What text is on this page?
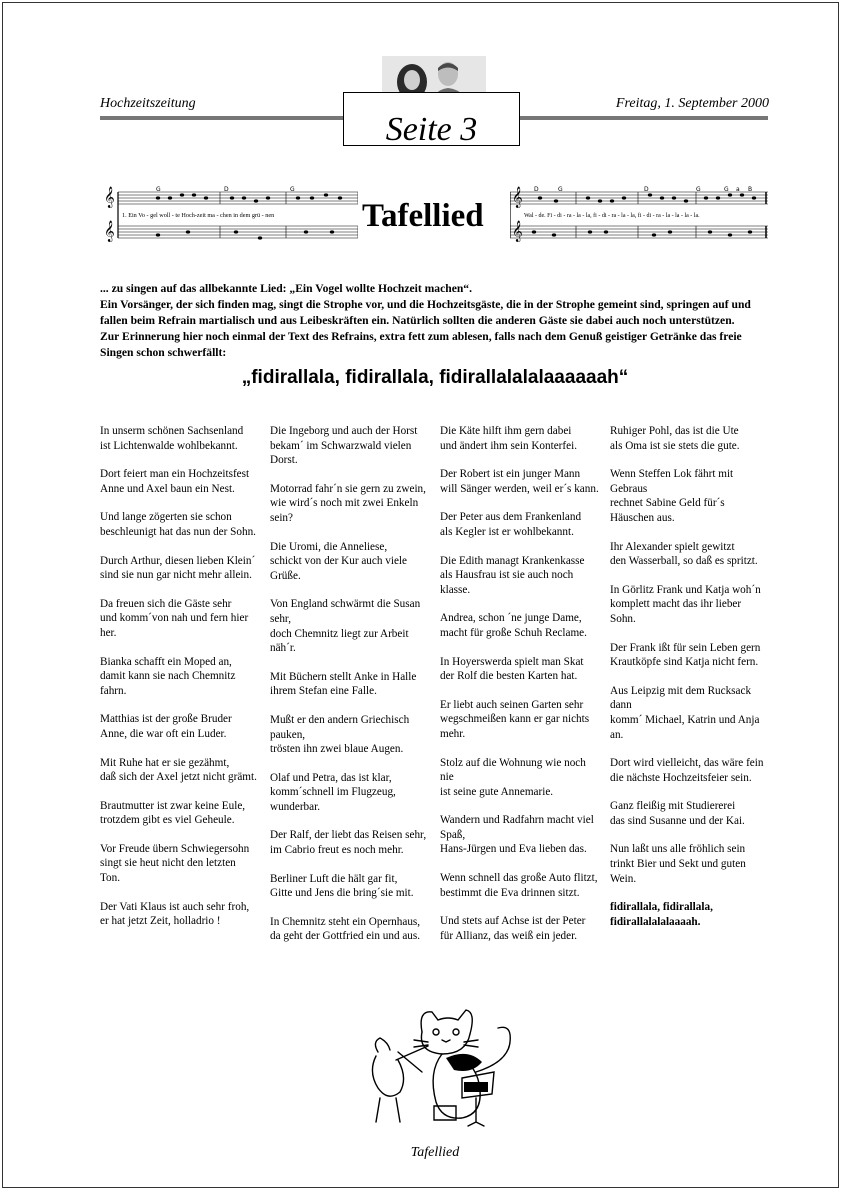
Hochzeitszeitung	Freitag, 1. September 2000
Seite 3
𝄞
𝄞
G	D	G
1. Ein Vo - gel woll - te Hoch-zeit ma - chen in dem grü - nen	Tafellied
𝄞
𝄞
D	G	D	G	G a B
Wal - de. Fi - di - ra - la - la, fi - di - ra - la - la, fi - di - ra - la - la - la - la.
... zu singen auf das allbekannte Lied: „Ein Vogel wollte Hochzeit machen“.
Ein Vorsänger, der sich finden mag, singt die Strophe vor, und die Hochzeitsgäste, die in der Strophe gemeint sind, springen auf und fallen beim Refrain martialisch und aus Leibeskräften ein. Natürlich sollten die anderen Gäste sie dabei auch noch unterstützen.
Zur Erinnerung hier noch einmal der Text des Refrains, extra fett zum ablesen, falls nach dem Genuß geistiger Getränke das freie Singen schon schwerfällt:
„fidirallala, fidirallala, fidirallalalalaaaaaah“

In unserm schönen Sachsenland
ist Lichtenwalde wohlbekannt.

Dort feiert man ein Hochzeitsfest
Anne und Axel baun ein Nest.

Und lange zögerten sie schon
beschleunigt hat das nun der Sohn.

Durch Arthur, diesen lieben Klein´
sind sie nun gar nicht mehr allein.

Da freuen sich die Gäste sehr
und komm´von nah und fern hier
her.

Bianka schafft ein Moped an,
damit kann sie nach Chemnitz
fahrn.

Matthias ist der große Bruder
Anne, die war oft ein Luder.

Mit Ruhe hat er sie gezähmt,
daß sich der Axel jetzt nicht grämt.

Brautmutter ist zwar keine Eule,
trotzdem gibt es viel Geheule.

Vor Freude übern Schwiegersohn
singt sie heut nicht den letzten
Ton.

Der Vati Klaus ist auch sehr froh,
er hat jetzt Zeit, holladrio !

Die Ingeborg und auch der Horst
bekam´ im Schwarzwald vielen
Dorst.

Motorrad fahr´n sie gern zu zwein,
wie wird´s noch mit zwei Enkeln
sein?

Die Uromi, die Anneliese,
schickt von der Kur auch viele
Grüße.

Von England schwärmt die Susan
sehr,
doch Chemnitz liegt zur Arbeit
näh´r.

Mit Büchern stellt Anke in Halle
ihrem Stefan eine Falle.

Mußt er den andern Griechisch
pauken,
trösten ihn zwei blaue Augen.

Olaf und Petra, das ist klar,
komm´schnell im Flugzeug,
wunderbar.

Der Ralf, der liebt das Reisen sehr,
im Cabrio freut es noch mehr.

Berliner Luft die hält gar fit,
Gitte und Jens die bring´sie mit.

In Chemnitz steht ein Opernhaus,
da geht der Gottfried ein und aus.

Die Käte hilft ihm gern dabei
und ändert ihm sein Konterfei.

Der Robert ist ein junger Mann
will Sänger werden, weil er´s kann.

Der Peter aus dem Frankenland
als Kegler ist er wohlbekannt.

Die Edith managt Krankenkasse
als Hausfrau ist sie auch noch
klasse.

Andrea, schon ´ne junge Dame,
macht für große Schuh Reclame.

In Hoyerswerda spielt man Skat
der Rolf die besten Karten hat.

Er liebt auch seinen Garten sehr
wegschmeißen kann er gar nichts
mehr.

Stolz auf die Wohnung wie noch
nie
ist seine gute Annemarie.

Wandern und Radfahrn macht viel
Spaß,
Hans-Jürgen und Eva lieben das.

Wenn schnell das große Auto flitzt,
bestimmt die Eva drinnen sitzt.

Und stets auf Achse ist der Peter
für Allianz, das weiß ein jeder.

Ruhiger Pohl, das ist die Ute
als Oma ist sie stets die gute.

Wenn Steffen Lok fährt mit
Gebraus
rechnet Sabine Geld für´s
Häuschen aus.

Ihr Alexander spielt gewitzt
den Wasserball, so daß es spritzt.

In Görlitz Frank und Katja woh´n
komplett macht das ihr lieber
Sohn.

Der Frank ißt für sein Leben gern
Krautköpfe sind Katja nicht fern.

Aus Leipzig mit dem Rucksack
dann
komm´ Michael, Katrin und Anja
an.

Dort wird vielleicht, das wäre fein
die nächste Hochzeitsfeier sein.

Ganz fleißig mit Studiererei
das sind Susanne und der Kai.

Nun laßt uns alle fröhlich sein
trinkt Bier und Sekt und guten
Wein.

fidirallala, fidirallala,
fidirallalalalaaaah.

Tafellied
